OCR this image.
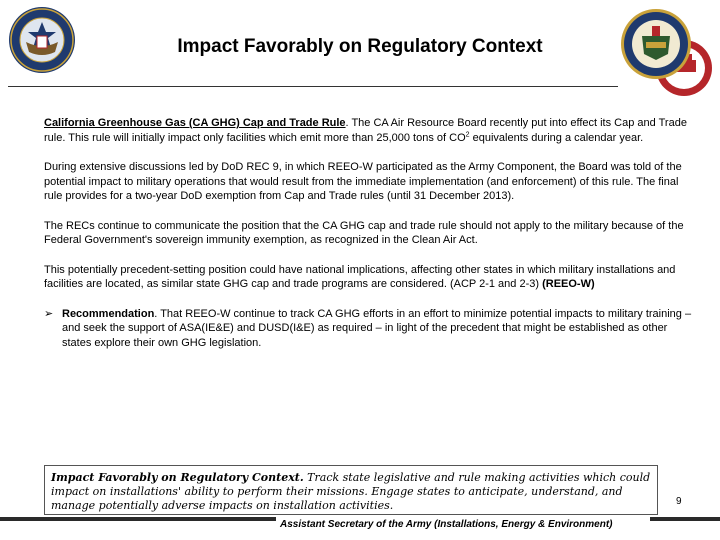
Impact Favorably on Regulatory Context

California Greenhouse Gas (CA GHG) Cap and Trade Rule. The CA Air Resource Board recently put into effect its Cap and Trade rule. This rule will initially impact only facilities which emit more than 25,000 tons of $CO^2$ equivalents during a calendar year.

During extensive discussions led by DoD REC 9, in which REEO-W participated as the Army Component, the Board was told of the potential impact to military operations that would result from the immediate implementation (and enforcement) of this rule. The final rule provides for a two-year DoD exemption from Cap and Trade rules (until 31 December 2013).

The RECs continue to communicate the position that the CA GHG cap and trade rule should not apply to the military because of the Federal Government's sovereign immunity exemption, as recognized in the Clean Air Act.

This potentially precedent-setting position could have national implications, affecting other states in which military installations and facilities are located, as similar state GHG cap and trade programs are considered. (ACP 2-1 and 2-3) (REEO-W)

➢ Recommendation. That REEO-W continue to track CA GHG efforts in an effort to minimize potential impacts to military training – and seek the support of ASA(IE&E) and DUSD(I&E) as required – in light of the precedent that might be established as other states explore their own GHG legislation.

Impact Favorably on Regulatory Context. Track state legislative and rule making activities which could impact on installations' ability to perform their missions. Engage states to anticipate, understand, and manage potentially adverse impacts on installation activities.	9
Assistant Secretary of the Army (Installations, Energy & Environment)
